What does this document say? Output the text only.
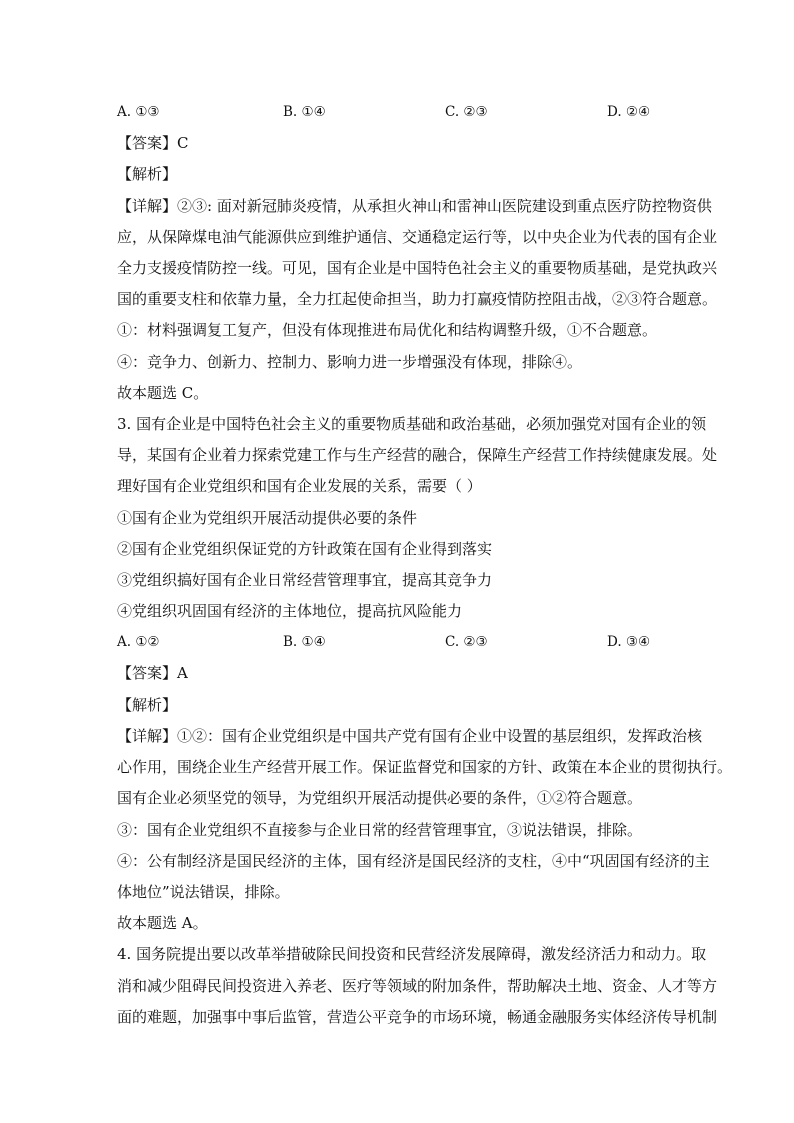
A. ①③	B. ①④	C. ②③	D. ②④
【答案】C
【解析】
【详解】②③: 面对新冠肺炎疫情，从承担火神山和雷神山医院建设到重点医疗防控物资供
应，从保障煤电油气能源供应到维护通信、交通稳定运行等，以中央企业为代表的国有企业
全力支援疫情防控一线。可见，国有企业是中国特色社会主义的重要物质基础，是党执政兴
国的重要支柱和依靠力量，全力扛起使命担当，助力打赢疫情防控阻击战，②③符合题意。
①：材料强调复工复产，但没有体现推进布局优化和结构调整升级，①不合题意。
④：竞争力、创新力、控制力、影响力进一步增强没有体现，排除④。
故本题选 C。
3. 国有企业是中国特色社会主义的重要物质基础和政治基础，必须加强党对国有企业的领
导，某国有企业着力探索党建工作与生产经营的融合，保障生产经营工作持续健康发展。处
理好国有企业党组织和国有企业发展的关系，需要（ ）
①国有企业为党组织开展活动提供必要的条件
②国有企业党组织保证党的方针政策在国有企业得到落实
③党组织搞好国有企业日常经营管理事宜，提高其竞争力
④党组织巩固国有经济的主体地位，提高抗风险能力
A. ①②	B. ①④	C. ②③	D. ③④
【答案】A
【解析】
【详解】①②：国有企业党组织是中国共产党有国有企业中设置的基层组织，发挥政治核
心作用，围绕企业生产经营开展工作。保证监督党和国家的方针、政策在本企业的贯彻执行。
国有企业必须坚党的领导，为党组织开展活动提供必要的条件，①②符合题意。
③：国有企业党组织不直接参与企业日常的经营管理事宜，③说法错误，排除。
④：公有制经济是国民经济的主体，国有经济是国民经济的支柱，④中“巩固国有经济的主
体地位”说法错误，排除。
故本题选 A。
4. 国务院提出要以改革举措破除民间投资和民营经济发展障碍，激发经济活力和动力。取
消和减少阻碍民间投资进入养老、医疗等领域的附加条件，帮助解决土地、资金、人才等方
面的难题，加强事中事后监管，营造公平竞争的市场环境，畅通金融服务实体经济传导机制
